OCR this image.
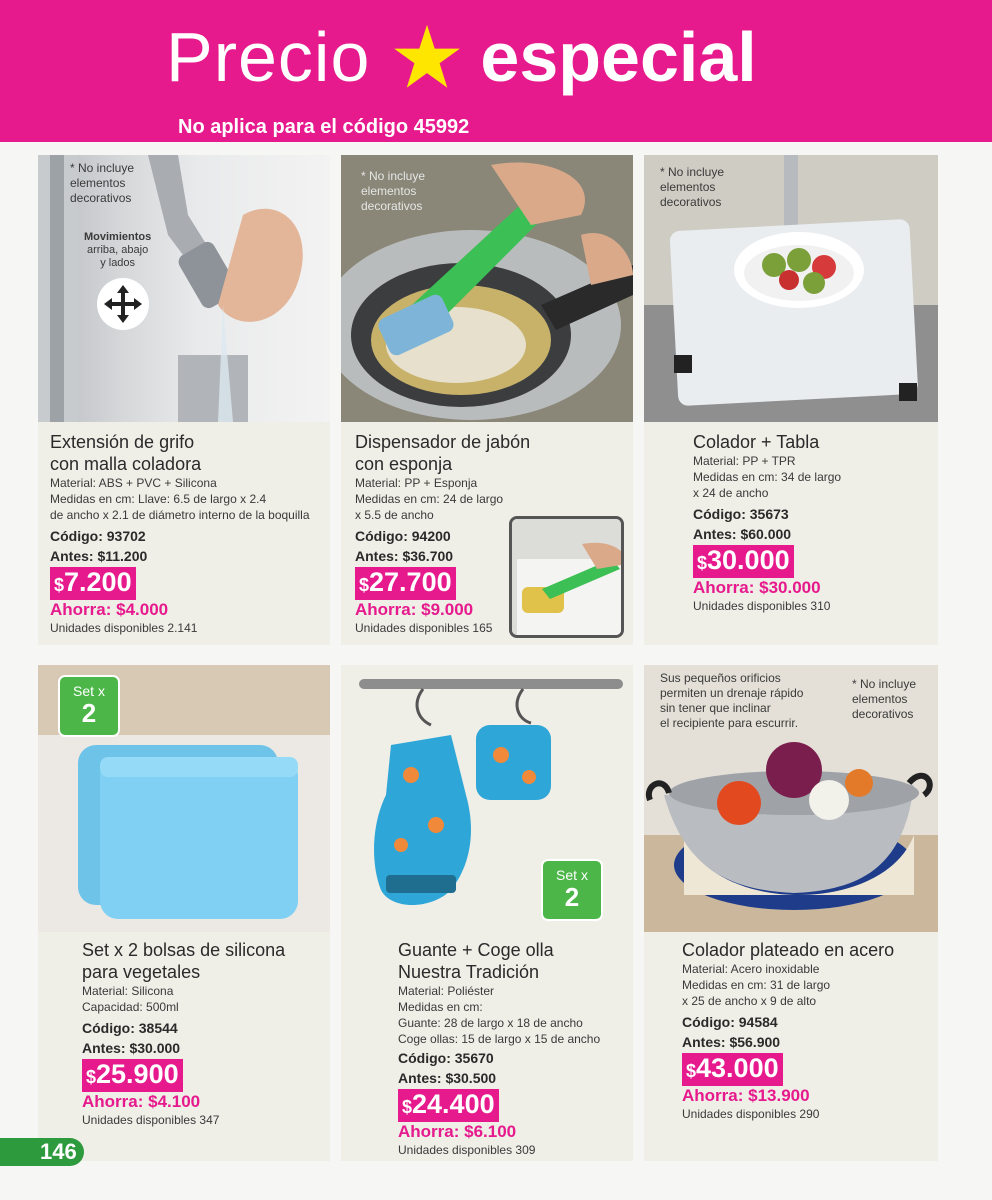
Precio especial
No aplica para el código 45992
* No incluye
elementos
decorativos
Movimientos
arriba, abajo
y lados
Extensión de grifo
con malla coladora
Material: ABS + PVC + Silicona
Medidas en cm: Llave: 6.5 de largo x 2.4
de ancho x 2.1 de diámetro interno de la boquilla
Código: 93702
Antes: $11.200
$7.200
Ahorra: $4.000
Unidades disponibles 2.141
* No incluye
elementos
decorativos
Dispensador de jabón
con esponja
Material: PP + Esponja
Medidas en cm: 24 de largo
x 5.5 de ancho
Código: 94200
Antes: $36.700
$27.700
Ahorra: $9.000
Unidades disponibles 165
* No incluye
elementos
decorativos
Colador + Tabla
Material: PP + TPR
Medidas en cm: 34 de largo
x 24 de ancho
Código: 35673
Antes: $60.000
$30.000
Ahorra: $30.000
Unidades disponibles 310
Set x
2
Set x 2 bolsas de silicona
para vegetales
Material: Silicona
Capacidad: 500ml
Código: 38544
Antes: $30.000
$25.900
Ahorra: $4.100
Unidades disponibles 347
Set x
2
Guante + Coge olla
Nuestra Tradición
Material: Poliéster
Medidas en cm:
Guante: 28 de largo x 18 de ancho
Coge ollas: 15 de largo x 15 de ancho
Código: 35670
Antes: $30.500
$24.400
Ahorra: $6.100
Unidades disponibles 309
Sus pequeños orificios
permiten un drenaje rápido
sin tener que inclinar
el recipiente para escurrir.
* No incluye
elementos
decorativos
Colador plateado en acero
Material: Acero inoxidable
Medidas en cm: 31 de largo
x 25 de ancho x 9 de alto
Código: 94584
Antes: $56.900
$43.000
Ahorra: $13.900
Unidades disponibles 290
146
